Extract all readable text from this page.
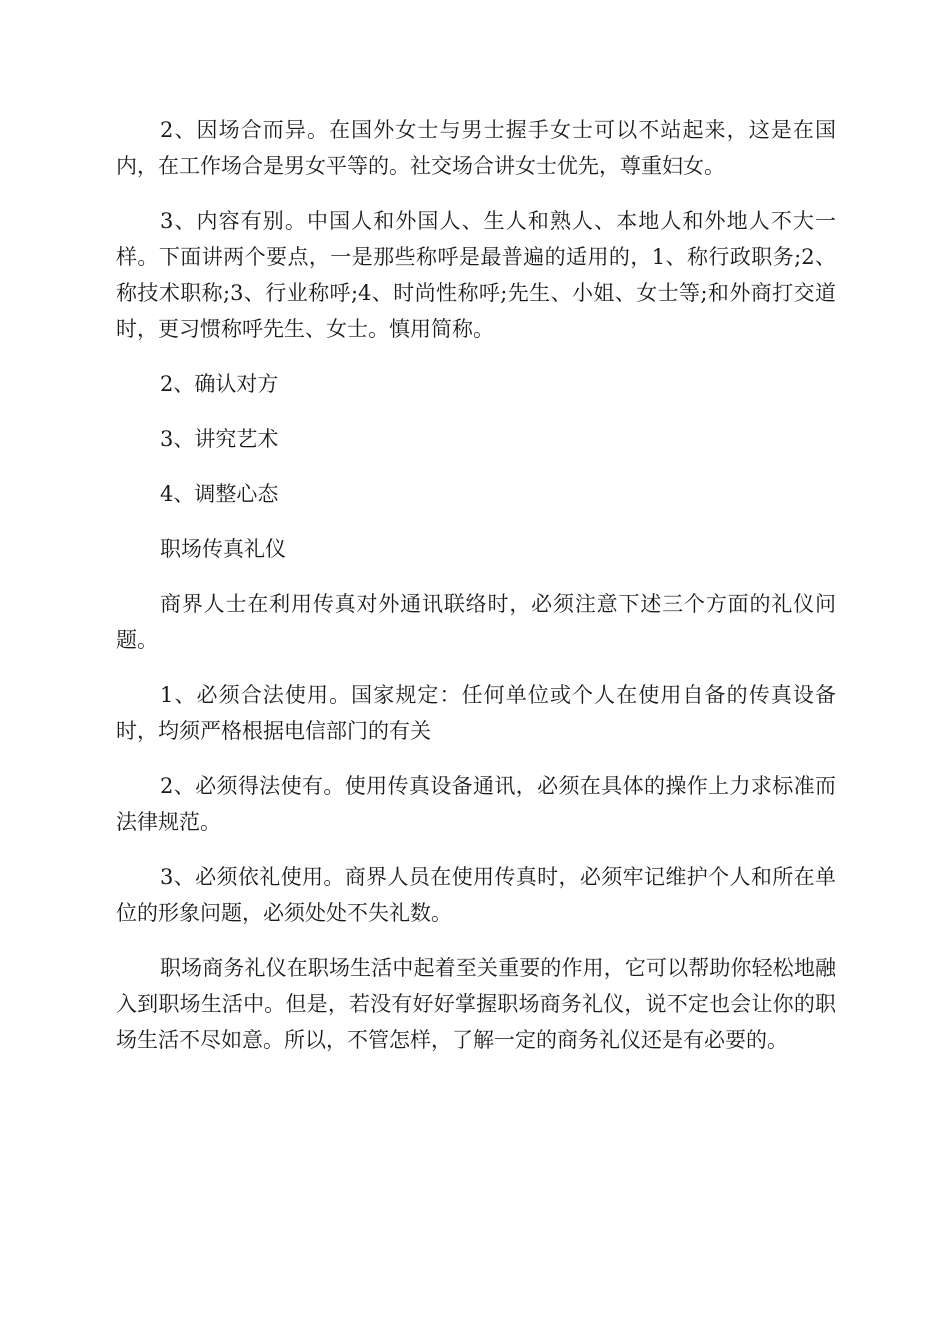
2、因场合而异。在国外女士与男士握手女士可以不站起来，这是在国内，在工作场合是男女平等的。社交场合讲女士优先，尊重妇女。

3、内容有别。中国人和外国人、生人和熟人、本地人和外地人不大一样。下面讲两个要点，一是那些称呼是最普遍的适用的，1、称行政职务;2、称技术职称;3、行业称呼;4、时尚性称呼;先生、小姐、女士等;和外商打交道时，更习惯称呼先生、女士。慎用简称。

2、确认对方

3、讲究艺术

4、调整心态

职场传真礼仪

商界人士在利用传真对外通讯联络时，必须注意下述三个方面的礼仪问题。

1、必须合法使用。国家规定：任何单位或个人在使用自备的传真设备时，均须严格根据电信部门的有关

2、必须得法使有。使用传真设备通讯，必须在具体的操作上力求标准而法律规范。

3、必须依礼使用。商界人员在使用传真时，必须牢记维护个人和所在单位的形象问题，必须处处不失礼数。

职场商务礼仪在职场生活中起着至关重要的作用，它可以帮助你轻松地融入到职场生活中。但是，若没有好好掌握职场商务礼仪，说不定也会让你的职场生活不尽如意。所以，不管怎样，了解一定的商务礼仪还是有必要的。
